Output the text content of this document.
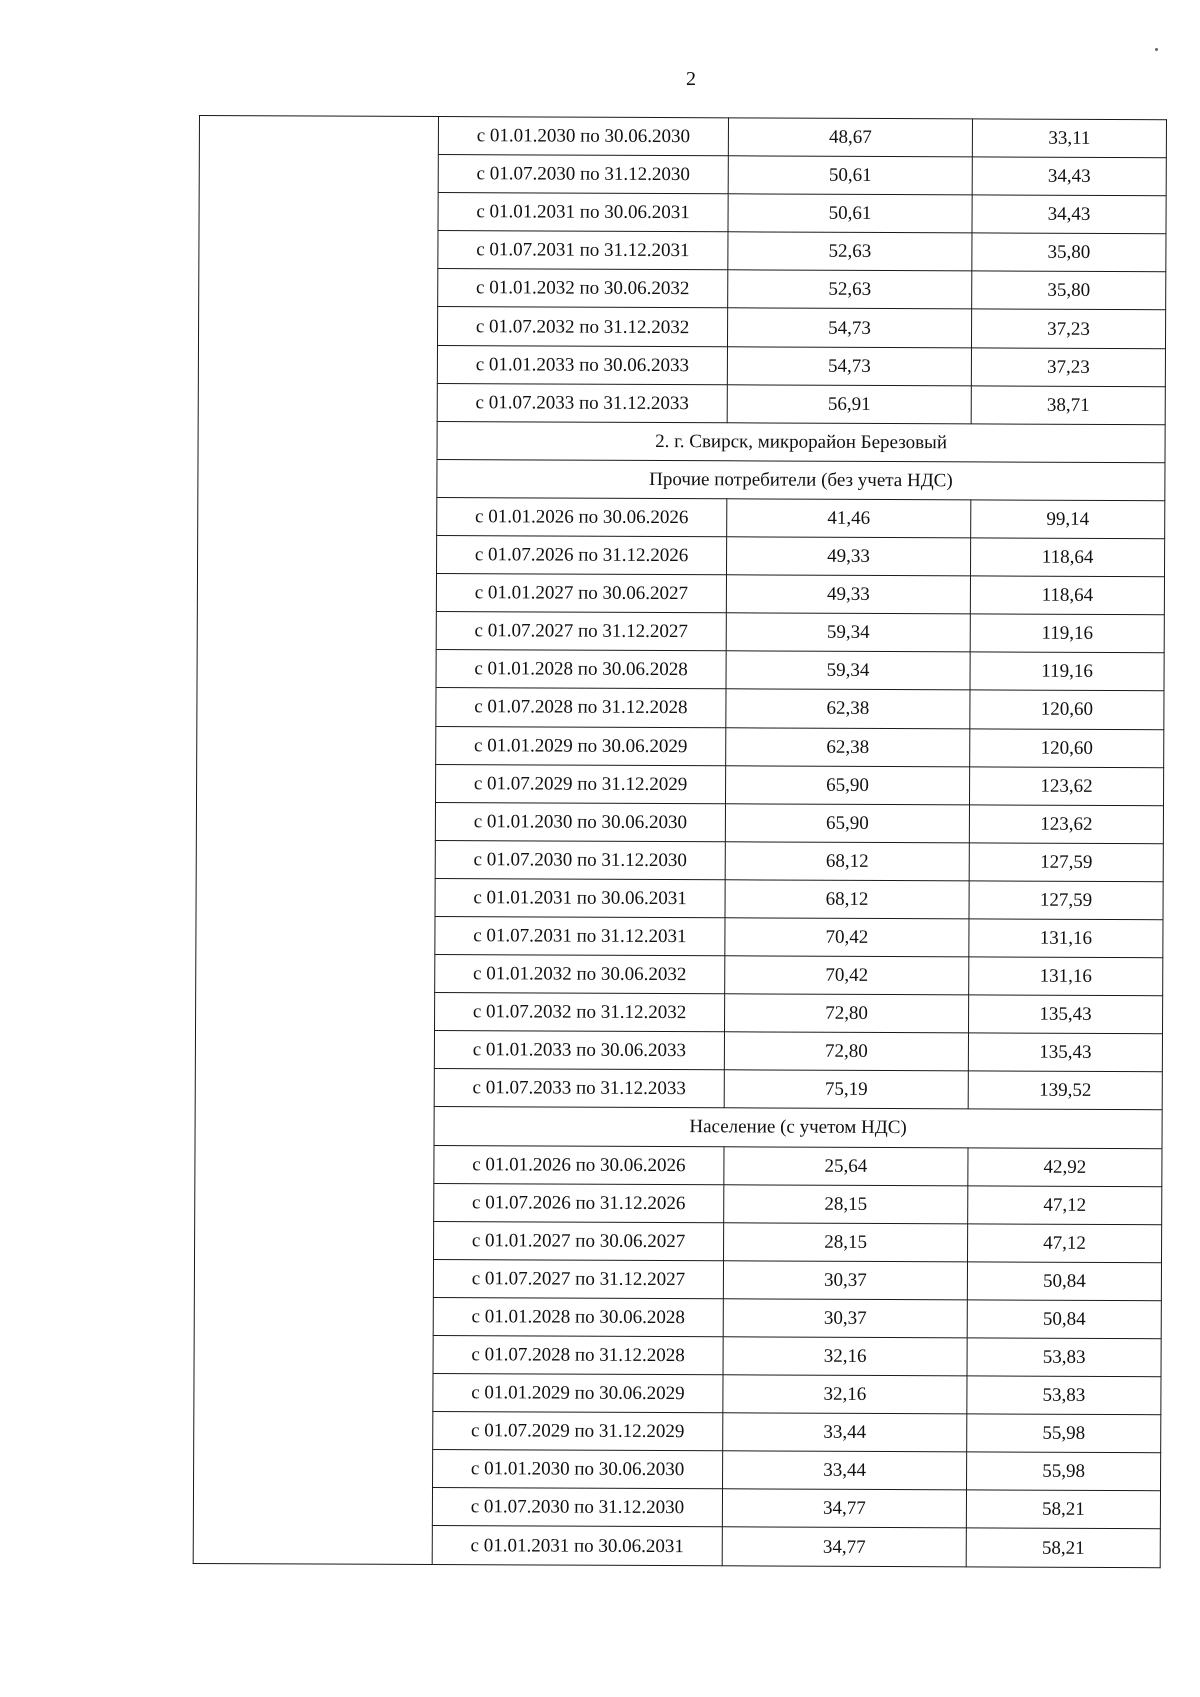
2
	с 01.01.2030 по 30.06.2030	48,67	33,11
	с 01.07.2030 по 31.12.2030	50,61	34,43
	с 01.01.2031 по 30.06.2031	50,61	34,43
	с 01.07.2031 по 31.12.2031	52,63	35,80
	с 01.01.2032 по 30.06.2032	52,63	35,80
	с 01.07.2032 по 31.12.2032	54,73	37,23
	с 01.01.2033 по 30.06.2033	54,73	37,23
	с 01.07.2033 по 31.12.2033	56,91	38,71
	2. г. Свирск, микрорайон Березовый		
	Прочие потребители (без учета НДС)		
	с 01.01.2026 по 30.06.2026	41,46	99,14
	с 01.07.2026 по 31.12.2026	49,33	118,64
	с 01.01.2027 по 30.06.2027	49,33	118,64
	с 01.07.2027 по 31.12.2027	59,34	119,16
	с 01.01.2028 по 30.06.2028	59,34	119,16
	с 01.07.2028 по 31.12.2028	62,38	120,60
	с 01.01.2029 по 30.06.2029	62,38	120,60
	с 01.07.2029 по 31.12.2029	65,90	123,62
	с 01.01.2030 по 30.06.2030	65,90	123,62
	с 01.07.2030 по 31.12.2030	68,12	127,59
	с 01.01.2031 по 30.06.2031	68,12	127,59
	с 01.07.2031 по 31.12.2031	70,42	131,16
	с 01.01.2032 по 30.06.2032	70,42	131,16
	с 01.07.2032 по 31.12.2032	72,80	135,43
	с 01.01.2033 по 30.06.2033	72,80	135,43
	с 01.07.2033 по 31.12.2033	75,19	139,52
	Население (с учетом НДС)		
	с 01.01.2026 по 30.06.2026	25,64	42,92
	с 01.07.2026 по 31.12.2026	28,15	47,12
	с 01.01.2027 по 30.06.2027	28,15	47,12
	с 01.07.2027 по 31.12.2027	30,37	50,84
	с 01.01.2028 по 30.06.2028	30,37	50,84
	с 01.07.2028 по 31.12.2028	32,16	53,83
	с 01.01.2029 по 30.06.2029	32,16	53,83
	с 01.07.2029 по 31.12.2029	33,44	55,98
	с 01.01.2030 по 30.06.2030	33,44	55,98
	с 01.07.2030 по 31.12.2030	34,77	58,21
	с 01.01.2031 по 30.06.2031	34,77	58,21
